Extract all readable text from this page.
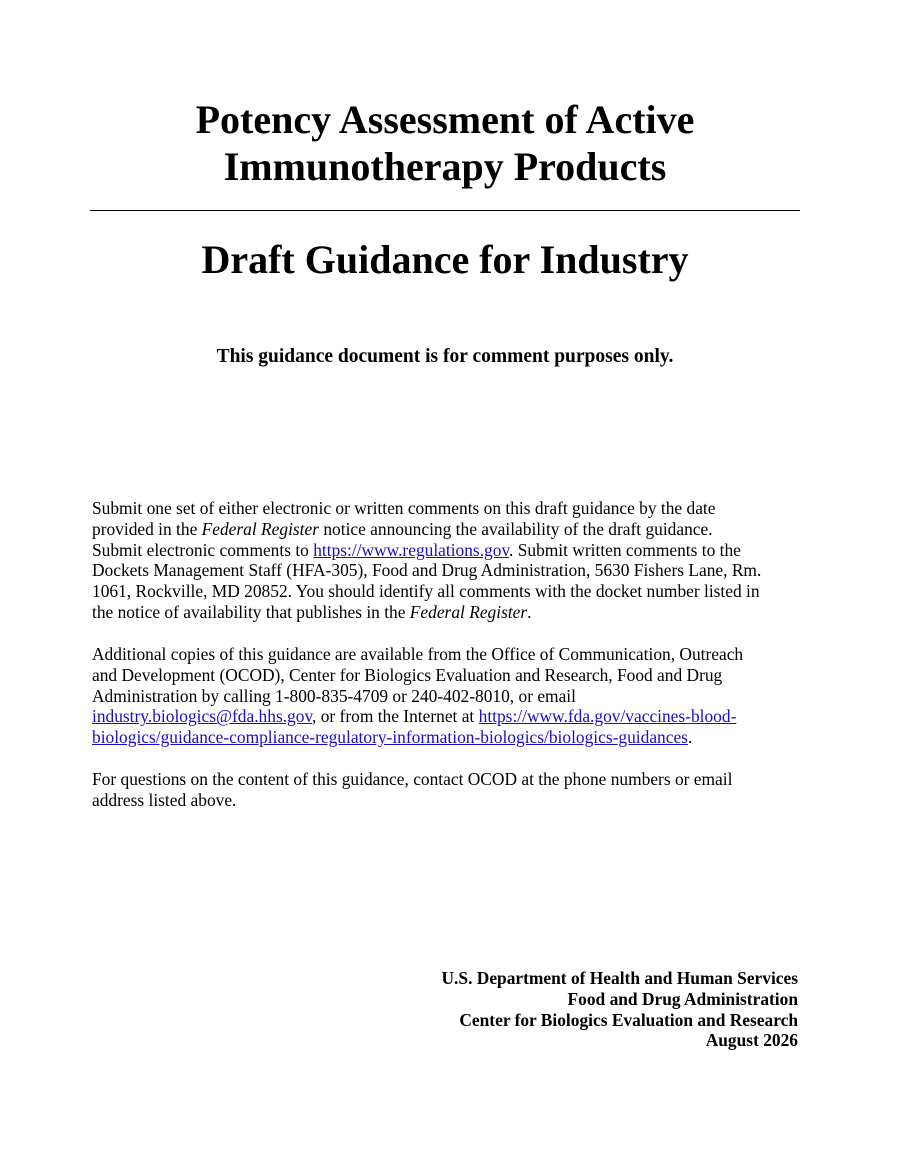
Potency Assessment of Active
Immunotherapy Products
Draft Guidance for Industry

This guidance document is for comment purposes only.

Submit one set of either electronic or written comments on this draft guidance by the date
provided in the Federal Register notice announcing the availability of the draft guidance.
Submit electronic comments to https://www.regulations.gov. Submit written comments to the
Dockets Management Staff (HFA-305), Food and Drug Administration, 5630 Fishers Lane, Rm.
1061, Rockville, MD 20852. You should identify all comments with the docket number listed in
the notice of availability that publishes in the Federal Register.

Additional copies of this guidance are available from the Office of Communication, Outreach
and Development (OCOD), Center for Biologics Evaluation and Research, Food and Drug
Administration by calling 1-800-835-4709 or 240-402-8010, or email
industry.biologics@fda.hhs.gov, or from the Internet at https://www.fda.gov/vaccines-blood-
biologics/guidance-compliance-regulatory-information-biologics/biologics-guidances.

For questions on the content of this guidance, contact OCOD at the phone numbers or email
address listed above.

U.S. Department of Health and Human Services
Food and Drug Administration
Center for Biologics Evaluation and Research
August 2026
